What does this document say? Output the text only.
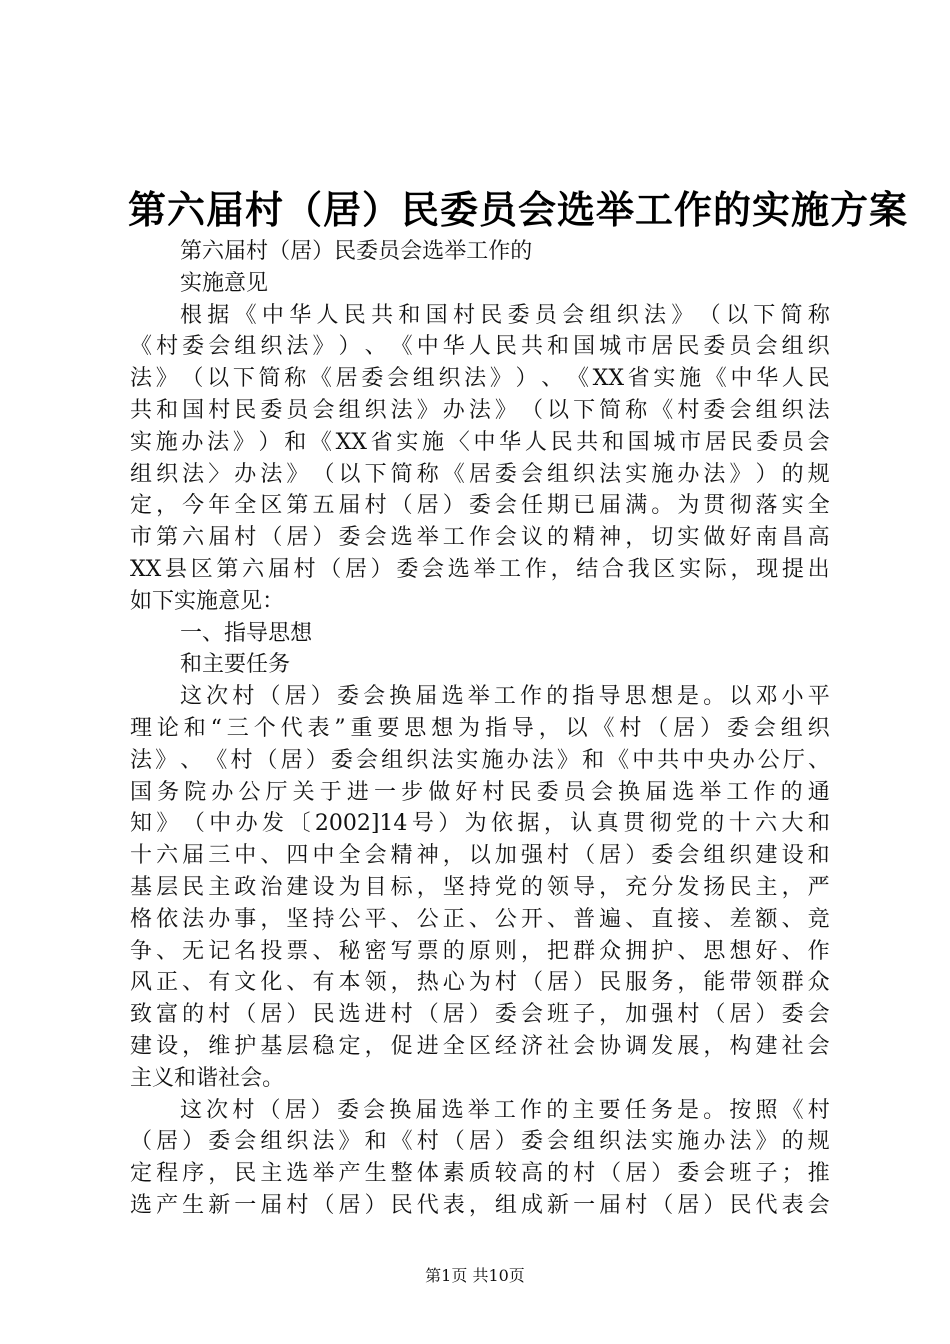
第六届村（居）民委员会选举工作的实施方案
第 六 届 村 （ 居 ） 民 委 员 会 选 举 工 作 的
实 施 意 见
根 据 《 中 华 人 民 共 和 国 村 民 委 员 会 组 织 法 》 （ 以 下 简 称
《 村 委 会 组 织 法 》 ） 、 《 中 华 人 民 共 和 国 城 市 居 民 委 员 会 组 织
法 》 （ 以 下 简 称 《 居 委 会 组 织 法 》 ） 、 《 XX 省 实 施 《 中 华 人 民
共 和 国 村 民 委 员 会 组 织 法 》 办 法 》 （ 以 下 简 称 《 村 委 会 组 织 法
实 施 办 法 》 ） 和 《 XX 省 实 施 〈 中 华 人 民 共 和 国 城 市 居 民 委 员 会
组 织 法 〉 办 法 》 （ 以 下 简 称 《 居 委 会 组 织 法 实 施 办 法 》 ） 的 规
定 ， 今 年 全 区 第 五 届 村 （ 居 ） 委 会 任 期 已 届 满 。 为 贯 彻 落 实 全
市 第 六 届 村 （ 居 ） 委 会 选 举 工 作 会 议 的 精 神 ， 切 实 做 好 南 昌 高
XX 县 区 第 六 届 村 （ 居 ） 委 会 选 举 工 作 ， 结 合 我 区 实 际 ， 现 提 出
如 下 实 施 意 见 ：
一 、 指 导 思 想
和 主 要 任 务
这 次 村 （ 居 ） 委 会 换 届 选 举 工 作 的 指 导 思 想 是 。 以 邓 小 平
理 论 和 “ 三 个 代 表 ” 重 要 思 想 为 指 导 ， 以 《 村 （ 居 ） 委 会 组 织
法 》 、 《 村 （ 居 ） 委 会 组 织 法 实 施 办 法 》 和 《 中 共 中 央 办 公 厅 、
国 务 院 办 公 厅 关 于 进 一 步 做 好 村 民 委 员 会 换 届 选 举 工 作 的 通
知 》 （ 中 办 发 〔 2002]14 号 ） 为 依 据 ， 认 真 贯 彻 党 的 十 六 大 和
十 六 届 三 中 、 四 中 全 会 精 神 ， 以 加 强 村 （ 居 ） 委 会 组 织 建 设 和
基 层 民 主 政 治 建 设 为 目 标 ， 坚 持 党 的 领 导 ， 充 分 发 扬 民 主 ， 严
格 依 法 办 事 ， 坚 持 公 平 、 公 正 、 公 开 、 普 遍 、 直 接 、 差 额 、 竞
争 、 无 记 名 投 票 、 秘 密 写 票 的 原 则 ， 把 群 众 拥 护 、 思 想 好 、 作
风 正 、 有 文 化 、 有 本 领 ， 热 心 为 村 （ 居 ） 民 服 务 ， 能 带 领 群 众
致 富 的 村 （ 居 ） 民 选 进 村 （ 居 ） 委 会 班 子 ， 加 强 村 （ 居 ） 委 会
建 设 ， 维 护 基 层 稳 定 ， 促 进 全 区 经 济 社 会 协 调 发 展 ， 构 建 社 会
主 义 和 谐 社 会 。
这 次 村 （ 居 ） 委 会 换 届 选 举 工 作 的 主 要 任 务 是 。 按 照 《 村
（ 居 ） 委 会 组 织 法 》 和 《 村 （ 居 ） 委 会 组 织 法 实 施 办 法 》 的 规
定 程 序 ， 民 主 选 举 产 生 整 体 素 质 较 高 的 村 （ 居 ） 委 会 班 子 ； 推
选 产 生 新 一 届 村 （ 居 ） 民 代 表 ， 组 成 新 一 届 村 （ 居 ） 民 代 表 会
第1页 共10页
